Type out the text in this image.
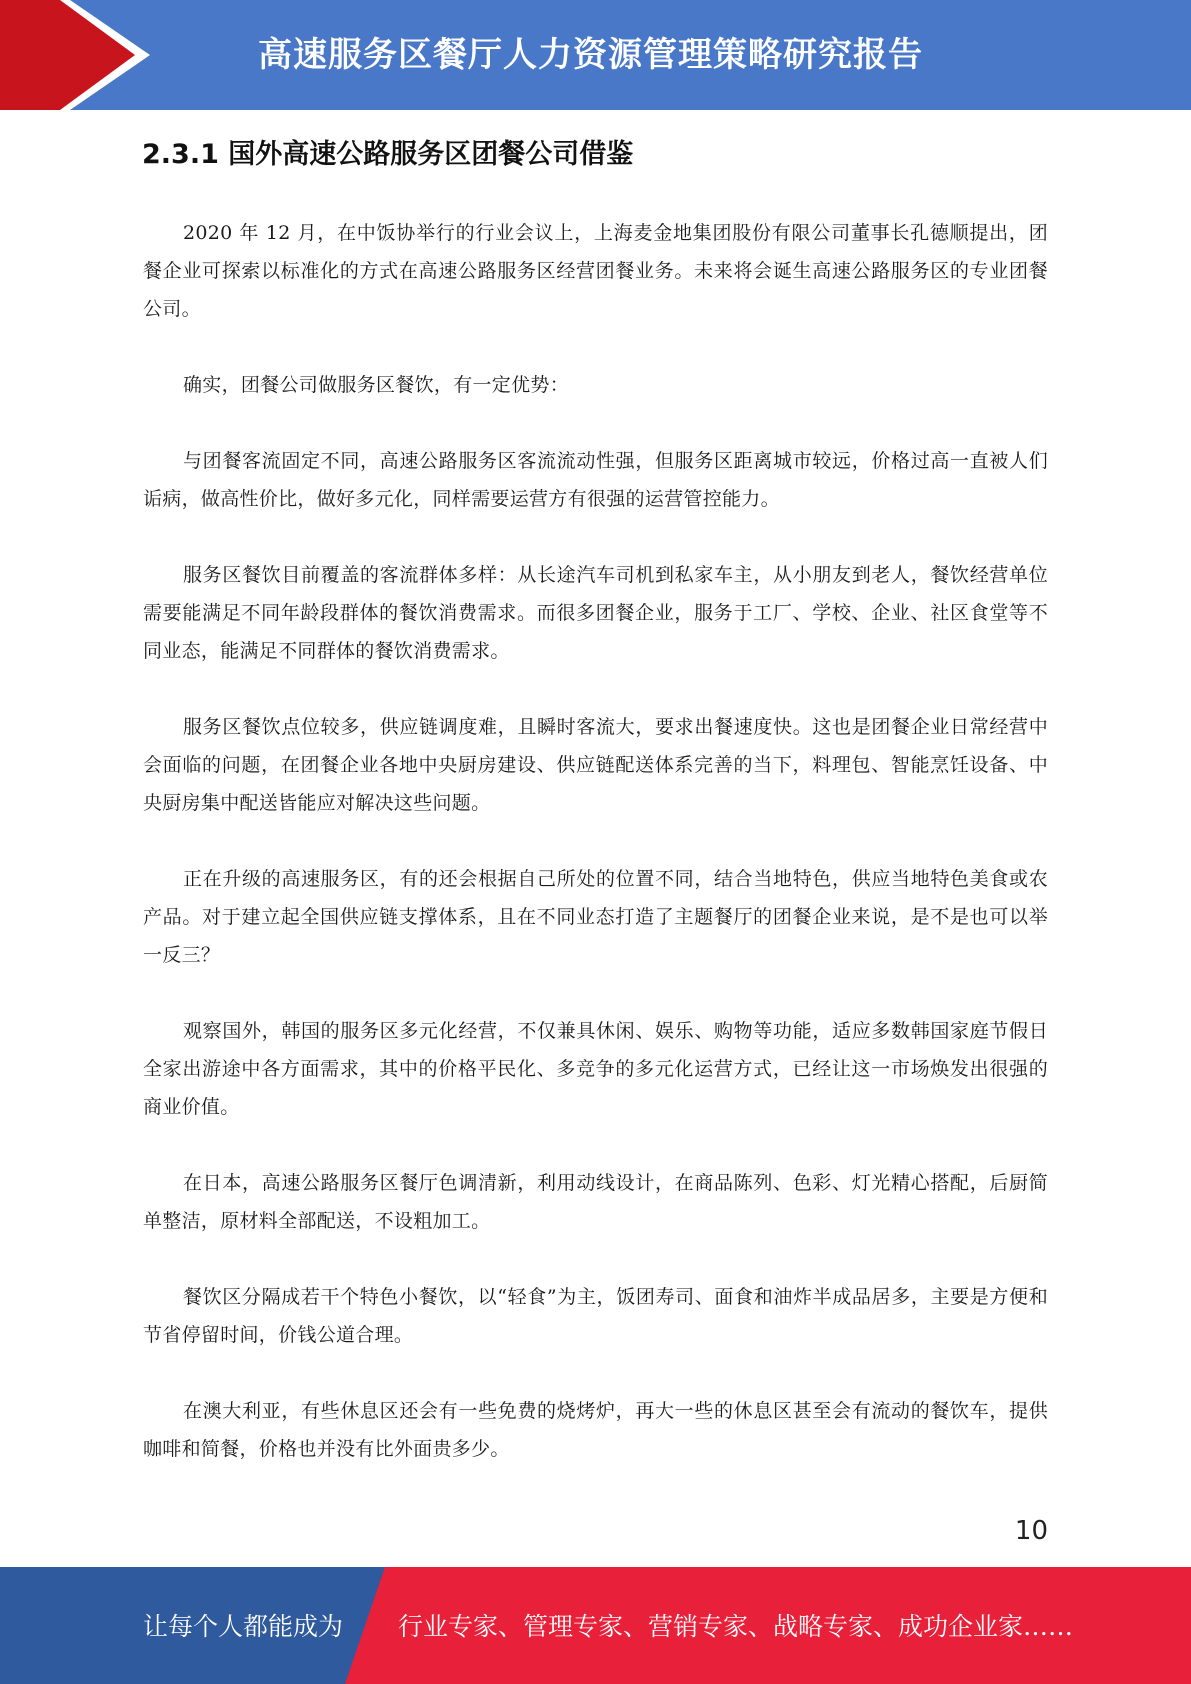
高速服务区餐厅人力资源管理策略研究报告
2.3.1 国外高速公路服务区团餐公司借鉴

2020 年 12 月，在中饭协举行的行业会议上，上海麦金地集团股份有限公司董事长孔德顺提出，团餐企业可探索以标准化的方式在高速公路服务区经营团餐业务。未来将会诞生高速公路服务区的专业团餐公司。

确实，团餐公司做服务区餐饮，有一定优势：

与团餐客流固定不同，高速公路服务区客流流动性强，但服务区距离城市较远，价格过高一直被人们诟病，做高性价比，做好多元化，同样需要运营方有很强的运营管控能力。

服务区餐饮目前覆盖的客流群体多样：从长途汽车司机到私家车主，从小朋友到老人，餐饮经营单位需要能满足不同年龄段群体的餐饮消费需求。而很多团餐企业，服务于工厂、学校、企业、社区食堂等不同业态，能满足不同群体的餐饮消费需求。

服务区餐饮点位较多，供应链调度难，且瞬时客流大，要求出餐速度快。这也是团餐企业日常经营中会面临的问题，在团餐企业各地中央厨房建设、供应链配送体系完善的当下，料理包、智能烹饪设备、中央厨房集中配送皆能应对解决这些问题。

正在升级的高速服务区，有的还会根据自己所处的位置不同，结合当地特色，供应当地特色美食或农产品。对于建立起全国供应链支撑体系，且在不同业态打造了主题餐厅的团餐企业来说，是不是也可以举一反三？

观察国外，韩国的服务区多元化经营，不仅兼具休闲、娱乐、购物等功能，适应多数韩国家庭节假日全家出游途中各方面需求，其中的价格平民化、多竞争的多元化运营方式，已经让这一市场焕发出很强的商业价值。

在日本，高速公路服务区餐厅色调清新，利用动线设计，在商品陈列、色彩、灯光精心搭配，后厨简单整洁，原材料全部配送，不设粗加工。

餐饮区分隔成若干个特色小餐饮，以“轻食”为主，饭团寿司、面食和油炸半成品居多，主要是方便和节省停留时间，价钱公道合理。

在澳大利亚，有些休息区还会有一些免费的烧烤炉，再大一些的休息区甚至会有流动的餐饮车，提供咖啡和简餐，价格也并没有比外面贵多少。

10
让每个人都能成为 行业专家、管理专家、营销专家、战略专家、成功企业家……
